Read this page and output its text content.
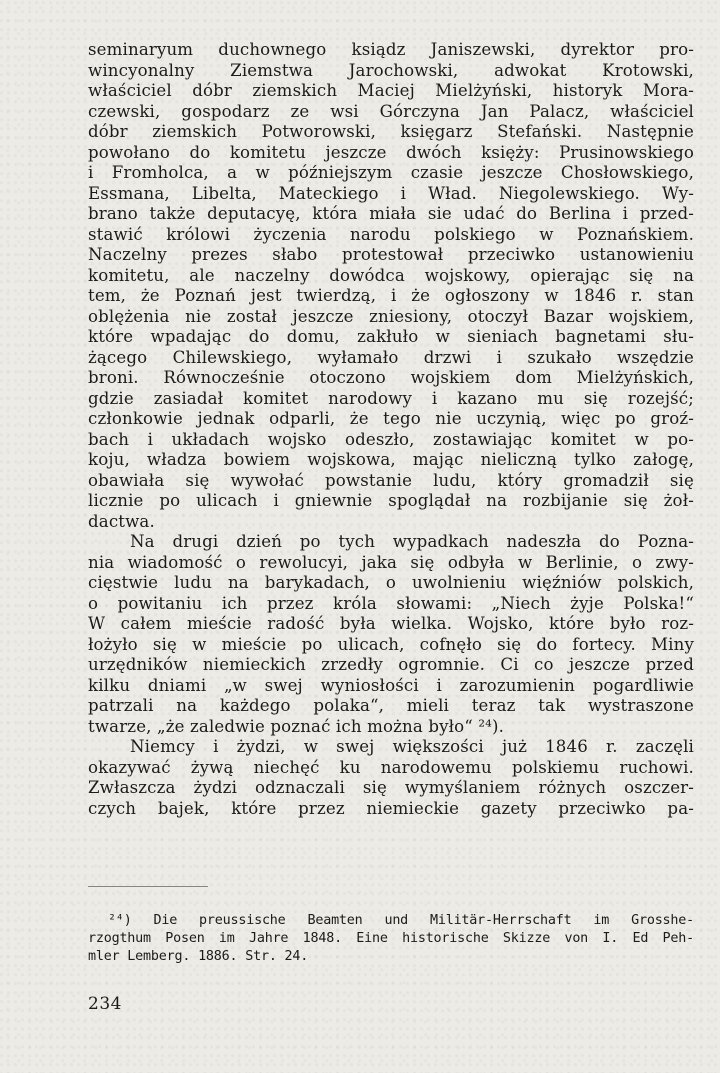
seminaryum duchownego ksiądz Janiszewski, dyrektor pro-

wincyonalny Ziemstwa Jarochowski, adwokat Krotowski,

właściciel dóbr ziemskich Maciej Mielżyński, historyk Mora-

czewski, gospodarz ze wsi Górczyna Jan Palacz, właściciel

dóbr ziemskich Potworowski, księgarz Stefański. Następnie

powołano do komitetu jeszcze dwóch księży: Prusinowskiego

i Fromholca, a w późniejszym czasie jeszcze Chosłowskiego,

Essmana, Libelta, Mateckiego i Wład. Niegolewskiego. Wy-

brano także deputacyę, która miała sie udać do Berlina i przed-

stawić królowi życzenia narodu polskiego w Poznańskiem.

Naczelny prezes słabo protestował przeciwko ustanowieniu

komitetu, ale naczelny dowódca wojskowy, opierając się na

tem, że Poznań jest twierdzą, i że ogłoszony w 1846 r. stan

oblężenia nie został jeszcze zniesiony, otoczył Bazar wojskiem,

które wpadając do domu, zakłuło w sieniach bagnetami słu-

żącego Chilewskiego, wyłamało drzwi i szukało wszędzie

broni. Równocześnie otoczono wojskiem dom Mielżyńskich,

gdzie zasiadał komitet narodowy i kazano mu się rozejść;

członkowie jednak odparli, że tego nie uczynią, więc po groź-

bach i układach wojsko odeszło, zostawiając komitet w po-

koju, władza bowiem wojskowa, mając nieliczną tylko załogę,

obawiała się wywołać powstanie ludu, który gromadził się

licznie po ulicach i gniewnie spoglądał na rozbijanie się żoł-

dactwa.

Na drugi dzień po tych wypadkach nadeszła do Pozna-

nia wiadomość o rewolucyi, jaka się odbyła w Berlinie, o zwy-

cięstwie ludu na barykadach, o uwolnieniu więźniów polskich,

o powitaniu ich przez króla słowami: „Niech żyje Polska!“

W całem mieście radość była wielka. Wojsko, które było roz-

łożyło się w mieście po ulicach, cofnęło się do fortecy. Miny

urzędników niemieckich zrzedły ogromnie. Ci co jeszcze przed

kilku dniami „w swej wyniosłości i zarozumienin pogardliwie

patrzali na każdego polaka“, mieli teraz tak wystraszone

twarze, „że zaledwie poznać ich można było“ ²⁴).

Niemcy i żydzi, w swej większości już 1846 r. zaczęli

okazywać żywą niechęć ku narodowemu polskiemu ruchowi.

Zwłaszcza żydzi odznaczali się wymyślaniem różnych oszczer-

czych bajek, które przez niemieckie gazety przeciwko pa-

²⁴) Die preussische Beamten und Militär-Herrschaft im Grosshe-
rzogthum Posen im Jahre 1848. Eine historische Skizze von I. Ed Peh-
mler Lemberg. 1886. Str. 24.
234
